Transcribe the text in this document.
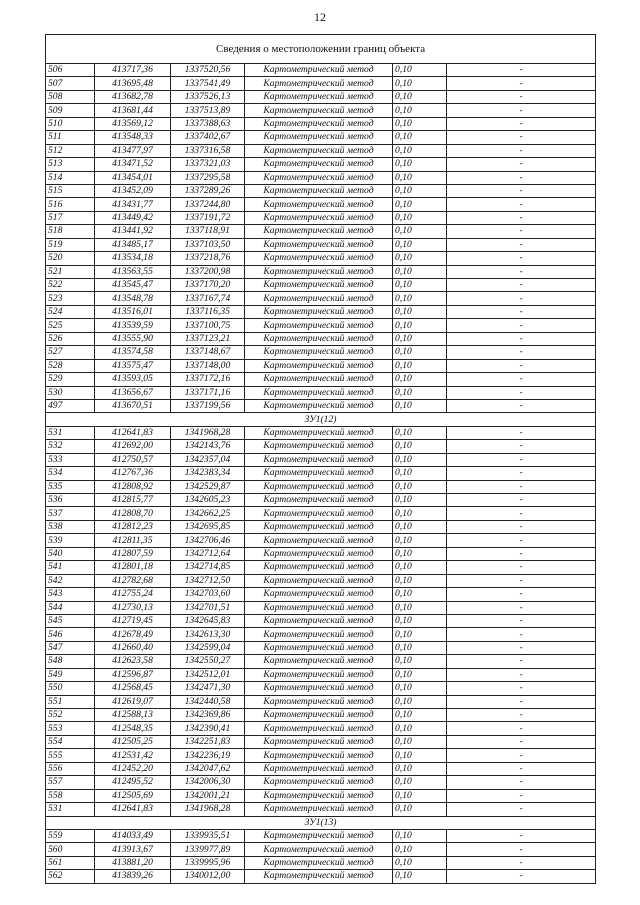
12
Сведения о местоположении границ объекта					
506	413717,36	1337520,56	Картометрический метод	0,10	-
507	413695,48	1337541,49	Картометрический метод	0,10	-
508	413682,78	1337526,13	Картометрический метод	0,10	-
509	413681,44	1337513,89	Картометрический метод	0,10	-
510	413569,12	1337388,63	Картометрический метод	0,10	-
511	413548,33	1337402,67	Картометрический метод	0,10	-
512	413477,97	1337316,58	Картометрический метод	0,10	-
513	413471,52	1337321,03	Картометрический метод	0,10	-
514	413454,01	1337295,58	Картометрический метод	0,10	-
515	413452,09	1337289,26	Картометрический метод	0,10	-
516	413431,77	1337244,80	Картометрический метод	0,10	-
517	413449,42	1337191,72	Картометрический метод	0,10	-
518	413441,92	1337118,91	Картометрический метод	0,10	-
519	413485,17	1337103,50	Картометрический метод	0,10	-
520	413534,18	1337218,76	Картометрический метод	0,10	-
521	413563,55	1337200,98	Картометрический метод	0,10	-
522	413545,47	1337170,20	Картометрический метод	0,10	-
523	413548,78	1337167,74	Картометрический метод	0,10	-
524	413516,01	1337116,35	Картометрический метод	0,10	-
525	413539,59	1337100,75	Картометрический метод	0,10	-
526	413555,90	1337123,21	Картометрический метод	0,10	-
527	413574,58	1337148,67	Картометрический метод	0,10	-
528	413575,47	1337148,00	Картометрический метод	0,10	-
529	413593,05	1337172,16	Картометрический метод	0,10	-
530	413656,67	1337171,16	Картометрический метод	0,10	-
497	413670,51	1337199,56	Картометрический метод	0,10	-
ЗУ1(12)					
531	412641,83	1341968,28	Картометрический метод	0,10	-
532	412692,00	1342143,76	Картометрический метод	0,10	-
533	412750,57	1342357,04	Картометрический метод	0,10	-
534	412767,36	1342383,34	Картометрический метод	0,10	-
535	412808,92	1342529,87	Картометрический метод	0,10	-
536	412815,77	1342605,23	Картометрический метод	0,10	-
537	412808,70	1342662,25	Картометрический метод	0,10	-
538	412812,23	1342695,85	Картометрический метод	0,10	-
539	412811,35	1342706,46	Картометрический метод	0,10	-
540	412807,59	1342712,64	Картометрический метод	0,10	-
541	412801,18	1342714,85	Картометрический метод	0,10	-
542	412782,68	1342712,50	Картометрический метод	0,10	-
543	412755,24	1342703,60	Картометрический метод	0,10	-
544	412730,13	1342701,51	Картометрический метод	0,10	-
545	412719,45	1342645,83	Картометрический метод	0,10	-
546	412678,49	1342613,30	Картометрический метод	0,10	-
547	412660,40	1342599,04	Картометрический метод	0,10	-
548	412623,58	1342550,27	Картометрический метод	0,10	-
549	412596,87	1342512,01	Картометрический метод	0,10	-
550	412568,45	1342471,30	Картометрический метод	0,10	-
551	412619,07	1342440,58	Картометрический метод	0,10	-
552	412588,13	1342369,86	Картометрический метод	0,10	-
553	412548,35	1342390,41	Картометрический метод	0,10	-
554	412505,25	1342251,83	Картометрический метод	0,10	-
555	412531,42	1342236,19	Картометрический метод	0,10	-
556	412452,20	1342047,62	Картометрический метод	0,10	-
557	412495,52	1342006,30	Картометрический метод	0,10	-
558	412505,69	1342001,21	Картометрический метод	0,10	-
531	412641,83	1341968,28	Картометрический метод	0,10	-
ЗУ1(13)					
559	414033,49	1339935,51	Картометрический метод	0,10	-
560	413913,67	1339977,89	Картометрический метод	0,10	-
561	413881,20	1339995,96	Картометрический метод	0,10	-
562	413839,26	1340012,00	Картометрический метод	0,10	-
